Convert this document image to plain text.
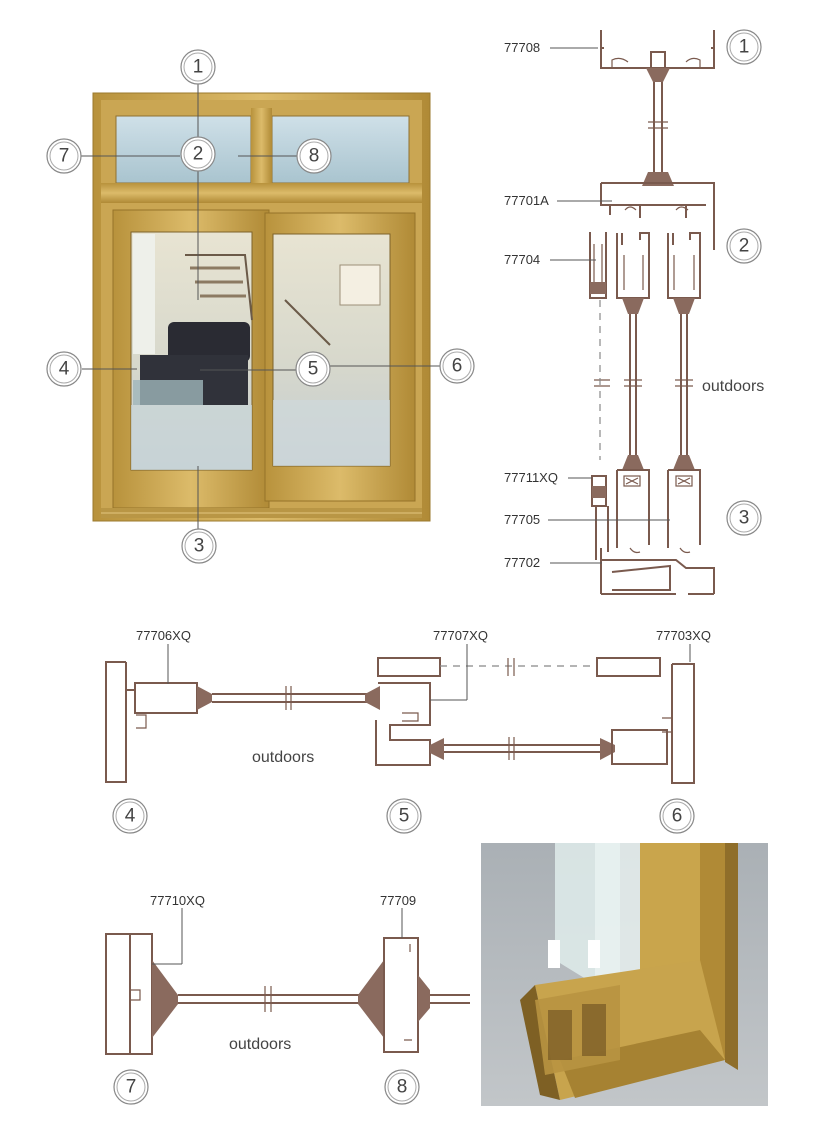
1
2
7	8
4	5	6
3
1
2
3
4	5	6
7	8
77708
77701A
77704
77711XQ
77705
77702
77706XQ	77707XQ	77703XQ
77710XQ	77709
outdoors
outdoors
outdoors
